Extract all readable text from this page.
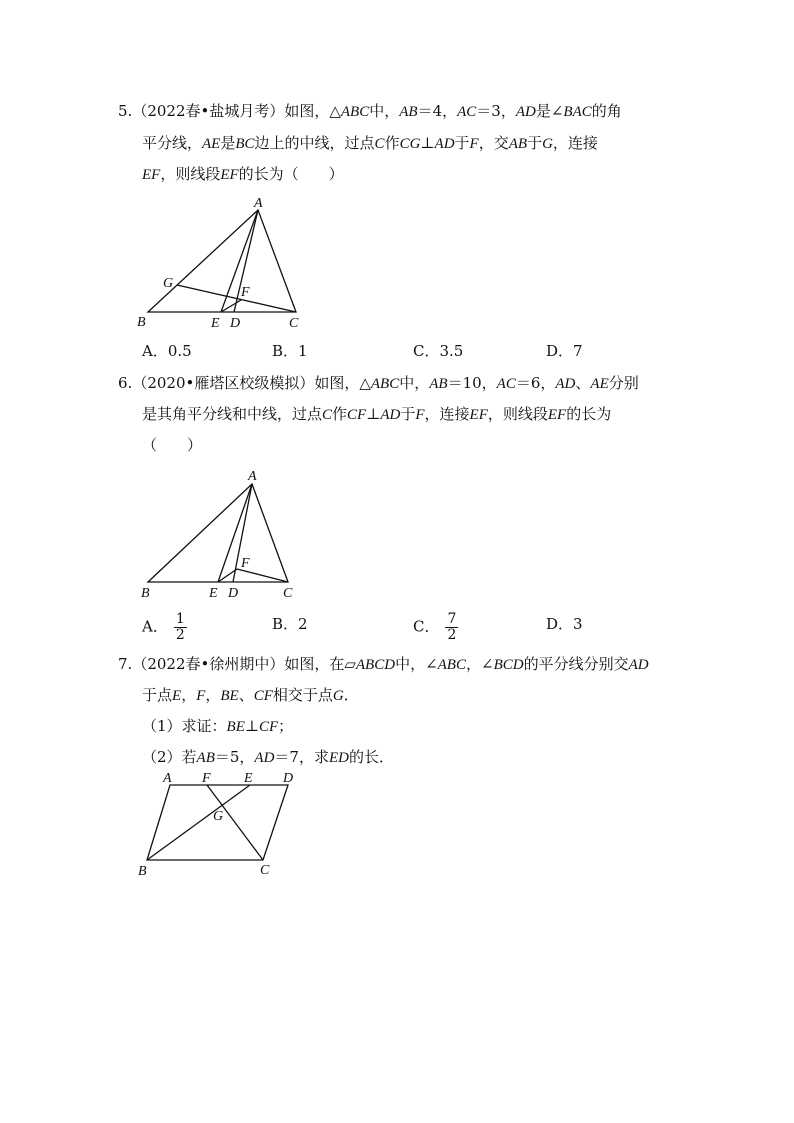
5.（2022春•盐城月考）如图，△ABC中，AB＝4，AC＝3，AD是∠BAC的角
平分线，AE是BC边上的中线，过点C作CG⊥AD于F，交AB于G，连接
EF，则线段EF的长为（　　）
A
B	C
D
E
F
G
A．0.5	B．1	C．3.5	D．7
6.（2020•雁塔区校级模拟）如图，△ABC中，AB＝10，AC＝6，AD、AE分别
是其角平分线和中线，过点C作CF⊥AD于F，连接EF，则线段EF的长为
（　　）
A
B	C
D
E
F
A． $\frac{1}{2}$	B．2	C． $\frac{7}{2}$	D．3
7.（2022春•徐州期中）如图，在▱ABCD中，∠ABC，∠BCD的平分线分别交AD
于点E，F，BE、CF相交于点G．
（1）求证：BE⊥CF；
（2）若AB＝5，AD＝7，求ED的长．
A F E D
G
B	C
